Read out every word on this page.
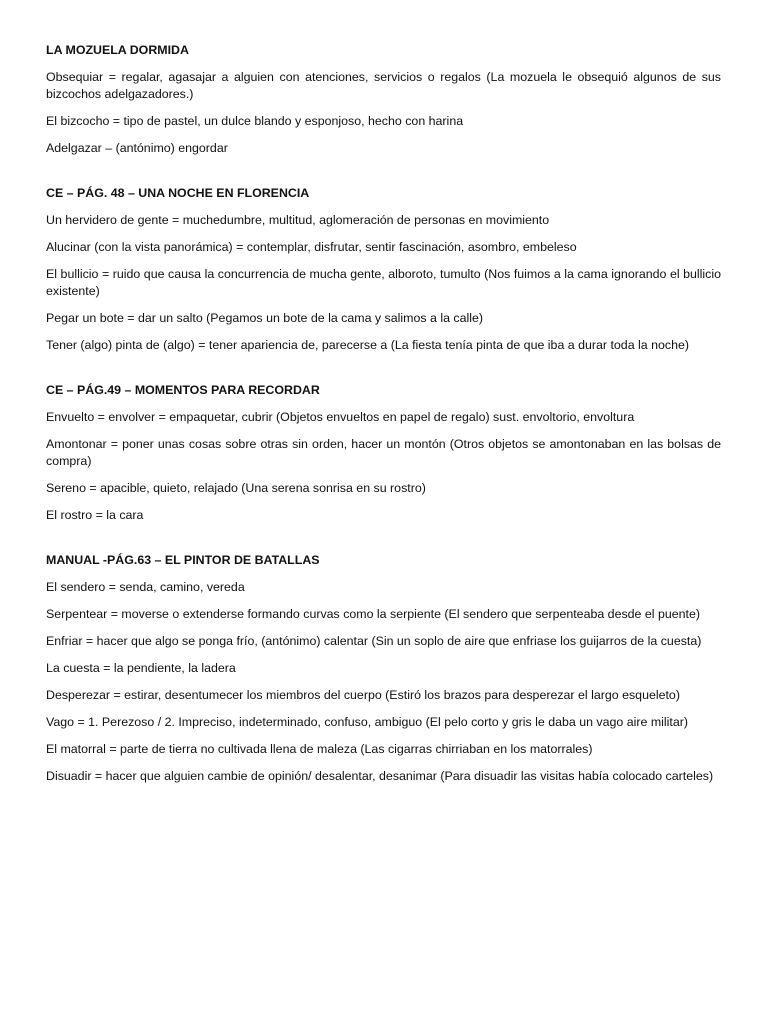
LA MOZUELA DORMIDA
Obsequiar = regalar, agasajar a alguien con atenciones, servicios o regalos (La mozuela le obsequió algunos de sus bizcochos adelgazadores.)
El bizcocho = tipo de pastel, un dulce blando y esponjoso, hecho con harina
Adelgazar – (antónimo) engordar
CE – PÁG. 48 – UNA NOCHE EN FLORENCIA
Un hervidero de gente = muchedumbre, multitud, aglomeración de personas en movimiento
Alucinar (con la vista panorámica) = contemplar, disfrutar, sentir fascinación, asombro, embeleso
El bullicio = ruido que causa la concurrencia de mucha gente, alboroto, tumulto (Nos fuimos a la cama ignorando el bullicio existente)
Pegar un bote = dar un salto (Pegamos un bote de la cama y salimos a la calle)
Tener (algo) pinta de (algo) = tener apariencia de, parecerse a (La fiesta tenía pinta de que iba a durar toda la noche)
CE – PÁG.49 – MOMENTOS PARA RECORDAR
Envuelto = envolver = empaquetar, cubrir (Objetos envueltos en papel de regalo) sust. envoltorio, envoltura
Amontonar = poner unas cosas sobre otras sin orden, hacer un montón (Otros objetos se amontonaban en las bolsas de compra)
Sereno = apacible, quieto, relajado (Una serena sonrisa en su rostro)
El rostro = la cara
MANUAL -PÁG.63 – EL PINTOR DE BATALLAS
El sendero = senda, camino, vereda
Serpentear = moverse o extenderse formando curvas como la serpiente (El sendero que serpenteaba desde el puente)
Enfriar = hacer que algo se ponga frío, (antónimo) calentar (Sin un soplo de aire que enfriase los guijarros de la cuesta)
La cuesta = la pendiente, la ladera
Desperezar = estirar, desentumecer los miembros del cuerpo (Estiró los brazos para desperezar el largo esqueleto)
Vago = 1. Perezoso / 2. Impreciso, indeterminado, confuso, ambiguo (El pelo corto y gris le daba un vago aire militar)
El matorral = parte de tierra no cultivada llena de maleza (Las cigarras chirriaban en los matorrales)
Disuadir = hacer que alguien cambie de opinión/ desalentar, desanimar (Para disuadir las visitas había colocado carteles)
